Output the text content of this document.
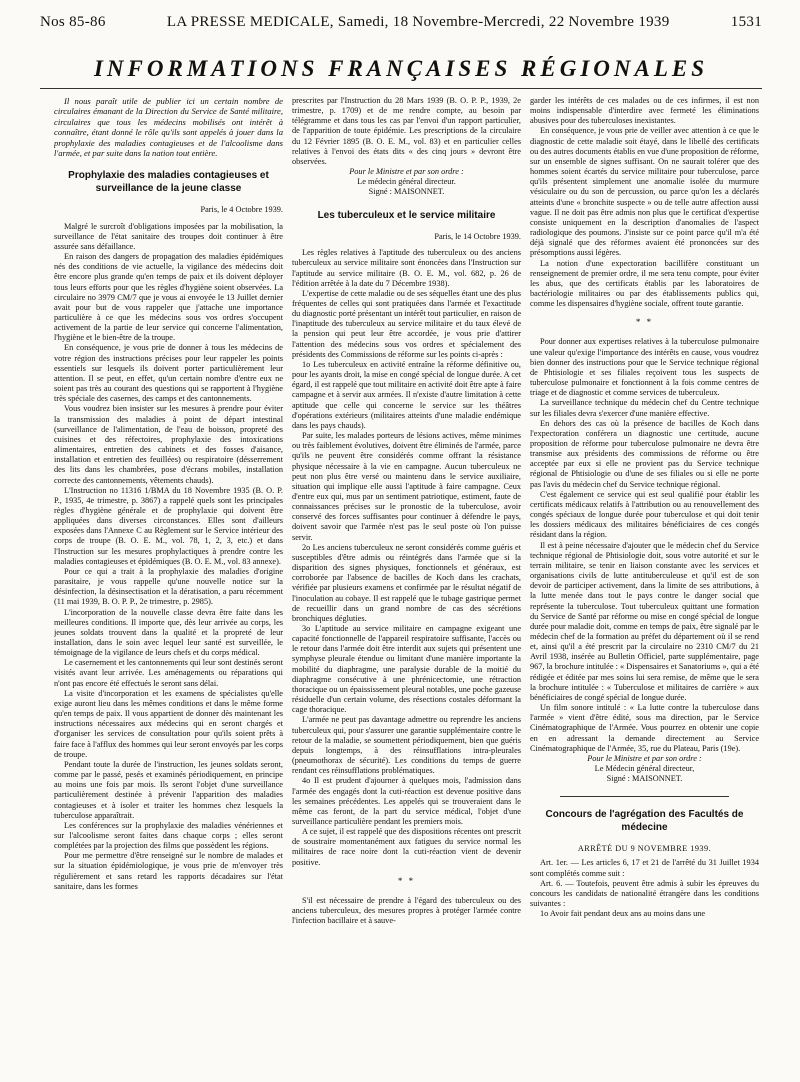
Nos 85-86	LA PRESSE MEDICALE, Samedi, 18 Novembre-Mercredi, 22 Novembre 1939	1531
INFORMATIONS FRANÇAISES RÉGIONALES

Il nous paraît utile de publier ici un certain nombre de circulaires émanant de la Direction du Service de Santé militaire, circulaires que tous les médecins mobilisés ont intérêt à connaître, étant donné le rôle qu'ils sont appelés à jouer dans la prophylaxie des maladies contagieuses et de l'alcoolisme dans l'armée, et par suite dans la nation tout entière.

Prophylaxie des maladies contagieuses et surveillance de la jeune classe
Paris, le 4 Octobre 1939.

Malgré le surcroît d'obligations imposées par la mobilisation, la surveillance de l'état sanitaire des troupes doit continuer à être assurée sans défaillance.

En raison des dangers de propagation des maladies épidémiques nés des conditions de vie actuelle, la vigilance des médecins doit être encore plus grande qu'en temps de paix et ils doivent déployer tous leurs efforts pour que les règles d'hygiène soient observées. La circulaire no 3979 CM/7 que je vous ai envoyée le 13 Juillet dernier avait pour but de vous rappeler que j'attache une importance particulière à ce que les médecins sous vos ordres s'occupent activement de la partie de leur service qui concerne l'alimentation, l'hygiène et le bien-être de la troupe.

En conséquence, je vous prie de donner à tous les médecins de votre région des instructions précises pour leur rappeler les points essentiels sur lesquels ils doivent porter particulièrement leur attention. Il se peut, en effet, qu'un certain nombre d'entre eux ne soient pas très au courant des questions qui se rapportent à l'hygiène très spéciale des casernes, des camps et des cantonnements.

Vous voudrez bien insister sur les mesures à prendre pour éviter la transmission des maladies à point de départ intestinal (surveillance de l'alimentation, de l'eau de boisson, propreté des cuisines et des réfectoires, prophylaxie des intoxications alimentaires, entretien des cabinets et des fosses d'aisance, installation et entretien des feuillées) ou respiratoire (désserrement des lits dans les chambrées, pose d'écrans mobiles, installation correcte des cantonnements, vêtements chauds).

L'Instruction no 11316 1/BMA du 18 Novembre 1935 (B. O. P. P., 1935, 4e trimestre, p. 3867) a rappelé quels sont les principales règles d'hygiène générale et de prophylaxie qui doivent être appliquées dans diverses circonstances. Elles sont d'ailleurs exposées dans l'Annexe C au Règlement sur le Service intérieur des corps de troupe (B. O. E. M., vol. 78, 1, 2, 3, etc.) et dans l'Instruction sur les mesures prophylactiques à prendre contre les maladies contagieuses et épidémiques (B. O. E. M., vol. 83 annexe).

Pour ce qui a trait à la prophylaxie des maladies d'origine parasitaire, je vous rappelle qu'une nouvelle notice sur la désinfection, la désinsectisation et la dératisation, a paru récemment (11 mai 1939, B. O. P. P., 2e trimestre, p. 2985).

L'incorporation de la nouvelle classe devra être faite dans les meilleures conditions. Il importe que, dès leur arrivée au corps, les jeunes soldats trouvent dans la qualité et la propreté de leur installation, dans le soin avec lequel leur santé est surveillée, le témoignage de la vigilance de leurs chefs et du corps médical.

Le casernement et les cantonnements qui leur sont destinés seront visités avant leur arrivée. Les aménagements ou réparations qui n'ont pas encore été effectués le seront sans délai.

La visite d'incorporation et les examens de spécialistes qu'elle exige auront lieu dans les mêmes conditions et dans le même forme qu'en temps de paix. Il vous appartient de donner dès maintenant les instructions nécessaires aux médecins qui en seront chargés et d'organiser les services de consultation pour qu'ils soient prêts à faire face à l'afflux des hommes qui leur seront envoyés par les corps de troupe.

Pendant toute la durée de l'instruction, les jeunes soldats seront, comme par le passé, pesés et examinés périodiquement, en principe au moins une fois par mois. Ils seront l'objet d'une surveillance particulièrement destinée à prévenir l'apparition des maladies contagieuses et à isoler et traiter les hommes chez lesquels la tuberculose apparaîtrait.

Les conférences sur la prophylaxie des maladies vénériennes et sur l'alcoolisme seront faites dans chaque corps ; elles seront complétées par la projection des films que possèdent les régions.

Pour me permettre d'être renseigné sur le nombre de malades et sur la situation épidémiologique, je vous prie de m'envoyer très régulièrement et sans retard les rapports décadaires sur l'état sanitaire, dans les formes

prescrites par l'Instruction du 28 Mars 1939 (B. O. P. P., 1939, 2e trimestre, p. 1709) et de me rendre compte, au besoin par télégramme et dans tous les cas par l'envoi d'un rapport particulier, de l'apparition de toute épidémie. Les prescriptions de la circulaire du 12 Février 1895 (B. O. E. M., vol. 83) et en particulier celles relatives à l'envoi des états dits « des cinq jours » devront être observées.

Pour le Ministre et par son ordre :
Le médecin général directeur.
Signé : MAISONNET.
Les tuberculeux et le service militaire
Paris, le 14 Octobre 1939.

Les règles relatives à l'aptitude des tuberculeux ou des anciens tuberculeux au service militaire sont énoncées dans l'Instruction sur l'aptitude au service militaire (B. O. E. M., vol. 682, p. 26 de l'édition arrêtée à la date du 7 Décembre 1938).

L'expertise de cette maladie ou de ses séquelles étant une des plus fréquentes de celles qui sont pratiquées dans l'armée et l'exactitude du diagnostic porté présentant un intérêt tout particulier, en raison de l'inaptitude des tuberculeux au service militaire et du taux élevé de la pension qui peut leur être accordée, je vous prie d'attirer l'attention des médecins sous vos ordres et spécialement des présidents des Commissions de réforme sur les points ci-après :

1o Les tuberculeux en activité entraîne la réforme définitive ou, pour les ayants droit, la mise en congé spécial de longue durée. A cet égard, il est rappelé que tout militaire en activité doit être apte à faire campagne et à servir aux armées. Il n'existe d'autre limitation à cette aptitude que celle qui concerne le service sur les théâtres d'opérations extérieurs (militaires atteints d'une maladie endémique dans les pays chauds).

Par suite, les malades porteurs de lésions actives, même minimes ou très faiblement évolutives, doivent être éliminés de l'armée, parce qu'ils ne peuvent être considérés comme offrant la résistance physique nécessaire à la vie en campagne. Aucun tuberculeux ne peut non plus être versé ou maintenu dans le service auxiliaire, situation qui implique elle aussi l'aptitude à faire campagne. Ceux d'entre eux qui, mus par un sentiment patriotique, estiment, faute de connaissances précises sur le pronostic de la tuberculose, avoir conservé des forces suffisantes pour continuer à défendre le pays, doivent savoir que l'armée n'est pas le seul poste où l'on puisse servir.

2o Les anciens tuberculeux ne seront considérés comme guéris et susceptibles d'être admis ou réintégrés dans l'armée que si la disparition des signes physiques, fonctionnels et généraux, est corroborée par l'absence de bacilles de Koch dans les crachats, vérifiée par plusieurs examens et confirmée par le résultat négatif de l'inoculation au cobaye. Il est rappelé que le tubage gastrique permet de recueillir dans un grand nombre de cas des sécrétions bronchiques dégluties.

3o L'aptitude au service militaire en campagne exigeant une capacité fonctionnelle de l'appareil respiratoire suffisante, l'accès ou le retour dans l'armée doit être interdit aux sujets qui présentent une symphyse pleurale étendue ou limitant d'une manière importante la mobilité du diaphragme, une paralysie durable de la moitié du diaphragme consécutive à une phrénicectomie, une rétraction thoracique ou un épaississement pleural notables, une poche gazeuse résiduelle d'un certain volume, des résections costales déformant la cage thoracique.

L'armée ne peut pas davantage admettre ou reprendre les anciens tuberculeux qui, pour s'assurer une garantie supplémentaire contre le retour de la maladie, se soumettent périodiquement, bien que guéris depuis longtemps, à des réinsufflations intra-pleurales (pneumothorax de sécurité). Les conditions du temps de guerre rendant ces réinsufflations problématiques.

4o Il est prudent d'ajourner à quelques mois, l'admission dans l'armée des engagés dont la cuti-réaction est devenue positive dans les semaines précédentes. Les appelés qui se trouveraient dans le même cas feront, de la part du service médical, l'objet d'une surveillance particulière pendant les premiers mois.

A ce sujet, il est rappelé que des dispositions récentes ont prescrit de soustraire momentanément aux fatigues du service normal les militaires de race noire dont la cuti-réaction vient de devenir positive.

* *

S'il est nécessaire de prendre à l'égard des tuberculeux ou des anciens tuberculeux, des mesures propres à protéger l'armée contre l'infection bacillaire et à sauve-

garder les intérêts de ces malades ou de ces infirmes, il est non moins indispensable d'interdire avec fermeté les éliminations abusives pour des tuberculoses inexistantes.

En conséquence, je vous prie de veiller avec attention à ce que le diagnostic de cette maladie soit étayé, dans le libellé des certificats ou des autres documents établis en vue d'une proposition de réforme, sur un ensemble de signes suffisant. On ne saurait tolérer que des hommes soient écartés du service militaire pour tuberculose, parce qu'ils présentent simplement une anomalie isolée du murmure vésiculaire ou du son de percussion, ou parce qu'on les a déclarés atteints d'une « bronchite suspecte » ou de telle autre affection aussi vague. Il ne doit pas être admis non plus que le certificat d'expertise consiste uniquement en la description d'anomalies de l'aspect radiologique des poumons. J'insiste sur ce point parce qu'il m'a été déjà signalé que des réformes avaient été prononcées sur des présomptions aussi légères.

La notion d'une expectoration bacillifère constituant un renseignement de premier ordre, il me sera tenu compte, pour éviter les abus, que des certificats établis par les laboratoires de bactériologie militaires ou par des établissements publics qui, comme les dispensaires d'hygiène sociale, offrent toute garantie.

* *

Pour donner aux expertises relatives à la tuberculose pulmonaire une valeur qu'exige l'importance des intérêts en cause, vous voudrez bien donner des instructions pour que le Service technique régional de Phtisiologie et ses filiales reçoivent tous les suspects de tuberculose pulmonaire et fonctionnent à la fois comme centres de triage et de diagnostic et comme services de tuberculeux.

La surveillance technique du médecin chef du Centre technique sur les filiales devra s'exercer d'une manière effective.

En dehors des cas où la présence de bacilles de Koch dans l'expectoration conférera un diagnostic une certitude, aucune proposition de réforme pour tuberculose pulmonaire ne devra être transmise aux présidents des commissions de réforme ou être acceptée par eux si elle ne provient pas du Service technique régional de Phtisiologie ou d'une de ses filiales ou si elle ne porte pas l'avis du médecin chef du Service technique régional.

C'est également ce service qui est seul qualifié pour établir les certificats médicaux relatifs à l'attribution ou au renouvellement des congés spéciaux de longue durée pour tuberculose et qui doit tenir les dossiers médicaux des militaires bénéficiaires de ces congés résidant dans la région.

Il est à peine nécessaire d'ajouter que le médecin chef du Service technique régional de Phtisiologie doit, sous votre autorité et sur le terrain militaire, se tenir en liaison constante avec les services et organisations civils de lutte antituberculeuse et qu'il est de son devoir de participer activement, dans la limite de ses attributions, à la lutte menée dans tout le pays contre le danger social que représente la tuberculose. Tout tuberculeux quittant une formation du Service de Santé par réforme ou mise en congé spécial de longue durée pour maladie doit, comme en temps de paix, être signalé par le médecin chef de la formation au préfet du département où il se rend et, ainsi qu'il a été prescrit par la circulaire no 2310 CM/7 du 21 Avril 1938, insérée au Bulletin Officiel, parte supplémentaire, page 967, la brochure intitulée : « Dispensaires et Sanatoriums », qui a été rédigée et éditée par mes soins lui sera remise, de même que le sera la brochure intitulée : « Tuberculose et militaires de carrière » aux bénéficiaires de congé spécial de longue durée.

Un film sonore intitulé : « La lutte contre la tuberculose dans l'armée » vient d'être édité, sous ma direction, par le Service Cinématographique de l'Armée. Vous pourrez en obtenir une copie en en adressant la demande directement au Service Cinématographique de l'Armée, 35, rue du Plateau, Paris (19e).

Pour le Ministre et par son ordre :
Le Médecin général directeur,
Signé : MAISONNET.
Concours de l'agrégation des Facultés de médecine
ARRÊTÉ DU 9 NOVEMBRE 1939.

Art. 1er. — Les articles 6, 17 et 21 de l'arrêté du 31 Juillet 1934 sont complétés comme suit :

Art. 6. — Toutefois, peuvent être admis à subir les épreuves du concours les candidats de nationalité étrangère dans les conditions suivantes :

1o Avoir fait pendant deux ans au moins dans une
